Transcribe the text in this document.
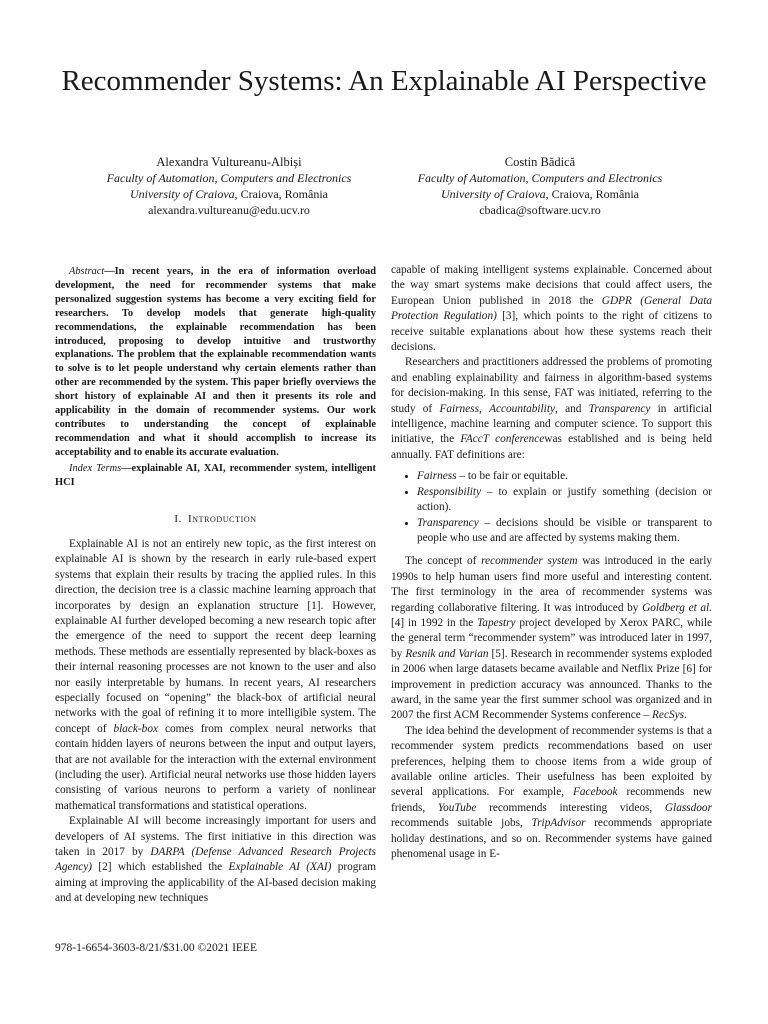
Recommender Systems: An Explainable AI Perspective
Alexandra Vultureanu-Albiși
Faculty of Automation, Computers and Electronics
University of Craiova, Craiova, România
alexandra.vultureanu@edu.ucv.ro
Costin Bădică
Faculty of Automation, Computers and Electronics
University of Craiova, Craiova, România
cbadica@software.ucv.ro

Abstract—In recent years, in the era of information overload development, the need for recommender systems that make personalized suggestion systems has become a very exciting field for researchers. To develop models that generate high-quality recommendations, the explainable recommendation has been introduced, proposing to develop intuitive and trustworthy explanations. The problem that the explainable recommendation wants to solve is to let people understand why certain elements rather than other are recommended by the system. This paper briefly overviews the short history of explainable AI and then it presents its role and applicability in the domain of recommender systems. Our work contributes to understanding the concept of explainable recommendation and what it should accomplish to increase its acceptability and to enable its accurate evaluation.

Index Terms—explainable AI, XAI, recommender system, intelligent HCI

I. Introduction

Explainable AI is not an entirely new topic, as the first interest on explainable AI is shown by the research in early rule-based expert systems that explain their results by tracing the applied rules. In this direction, the decision tree is a classic machine learning approach that incorporates by design an explanation structure [1]. However, explainable AI further developed becoming a new research topic after the emergence of the need to support the recent deep learning methods. These methods are essentially represented by black-boxes as their internal reasoning processes are not known to the user and also nor easily interpretable by humans. In recent years, AI researchers especially focused on “opening” the black-box of artificial neural networks with the goal of refining it to more intelligible system. The concept of black-box comes from complex neural networks that contain hidden layers of neurons between the input and output layers, that are not available for the interaction with the external environment (including the user). Artificial neural networks use those hidden layers consisting of various neurons to perform a variety of nonlinear mathematical transformations and statistical operations.

Explainable AI will become increasingly important for users and developers of AI systems. The first initiative in this direction was taken in 2017 by DARPA (Defense Advanced Research Projects Agency) [2] which established the Explainable AI (XAI) program aiming at improving the applicability of the AI-based decision making and at developing new techniques

capable of making intelligent systems explainable. Concerned about the way smart systems make decisions that could affect users, the European Union published in 2018 the GDPR (General Data Protection Regulation) [3], which points to the right of citizens to receive suitable explanations about how these systems reach their decisions.

Researchers and practitioners addressed the problems of promoting and enabling explainability and fairness in algorithm-based systems for decision-making. In this sense, FAT was initiated, referring to the study of Fairness, Accountability, and Transparency in artificial intelligence, machine learning and computer science. To support this initiative, the FAccT conferencewas established and is being held annually. FAT definitions are:

• Fairness – to be fair or equitable.
• Responsibility – to explain or justify something (decision or action).
• Transparency – decisions should be visible or transparent to people who use and are affected by systems making them.

The concept of recommender system was introduced in the early 1990s to help human users find more useful and interesting content. The first terminology in the area of recommender systems was regarding collaborative filtering. It was introduced by Goldberg et al. [4] in 1992 in the Tapestry project developed by Xerox PARC, while the general term “recommender system” was introduced later in 1997, by Resnik and Varian [5]. Research in recommender systems exploded in 2006 when large datasets became available and Netflix Prize [6] for improvement in prediction accuracy was announced. Thanks to the award, in the same year the first summer school was organized and in 2007 the first ACM Recommender Systems conference – RecSys.

The idea behind the development of recommender systems is that a recommender system predicts recommendations based on user preferences, helping them to choose items from a wide group of available online articles. Their usefulness has been exploited by several applications. For example, Facebook recommends new friends, YouTube recommends interesting videos, Glassdoor recommends suitable jobs, TripAdvisor recommends appropriate holiday destinations, and so on. Recommender systems have gained phenomenal usage in E-

978-1-6654-3603-8/21/$31.00 ©2021 IEEE
